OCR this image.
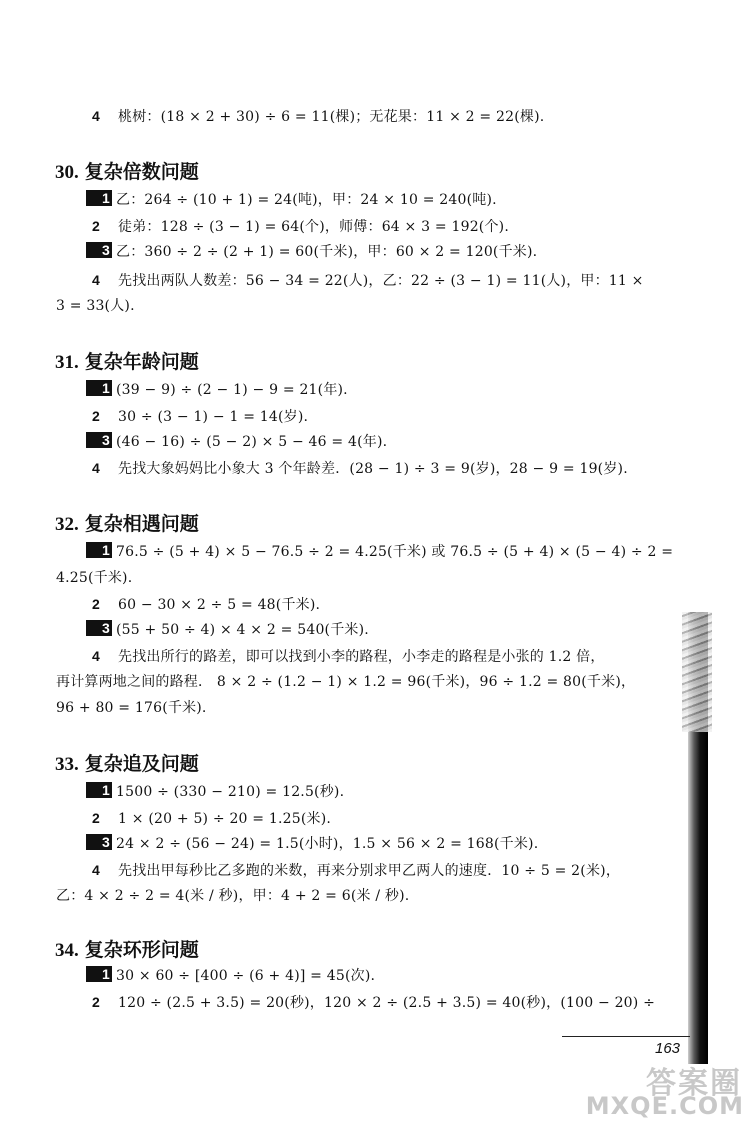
4 桃树：(18 × 2 + 30) ÷ 6 = 11(棵)；无花果：11 × 2 = 22(棵).
30. 复杂倍数问题
1 乙：264 ÷ (10 + 1) = 24(吨)，甲：24 × 10 = 240(吨).
2 徒弟：128 ÷ (3 − 1) = 64(个)，师傅：64 × 3 = 192(个).
3 乙：360 ÷ 2 ÷ (2 + 1) = 60(千米)，甲：60 × 2 = 120(千米).
4 先找出两队人数差：56 − 34 = 22(人)，乙：22 ÷ (3 − 1) = 11(人)，甲：11 ×
3 = 33(人).
31. 复杂年龄问题
1 (39 − 9) ÷ (2 − 1) − 9 = 21(年).
2 30 ÷ (3 − 1) − 1 = 14(岁).
3 (46 − 16) ÷ (5 − 2) × 5 − 46 = 4(年).
4 先找大象妈妈比小象大 3 个年龄差．(28 − 1) ÷ 3 = 9(岁)，28 − 9 = 19(岁).
32. 复杂相遇问题
1 76.5 ÷ (5 + 4) × 5 − 76.5 ÷ 2 = 4.25(千米) 或 76.5 ÷ (5 + 4) × (5 − 4) ÷ 2 =
4.25(千米).
2 60 − 30 × 2 ÷ 5 = 48(千米).
3 (55 + 50 ÷ 4) × 4 × 2 = 540(千米).
4 先找出所行的路差，即可以找到小李的路程，小李走的路程是小张的 1.2 倍，
再计算两地之间的路程． 8 × 2 ÷ (1.2 − 1) × 1.2 = 96(千米)，96 ÷ 1.2 = 80(千米)，
96 + 80 = 176(千米).
33. 复杂追及问题
1 1500 ÷ (330 − 210) = 12.5(秒).
2 1 × (20 + 5) ÷ 20 = 1.25(米).
3 24 × 2 ÷ (56 − 24) = 1.5(小时)，1.5 × 56 × 2 = 168(千米).
4 先找出甲每秒比乙多跑的米数，再来分别求甲乙两人的速度．10 ÷ 5 = 2(米)，
乙：4 × 2 ÷ 2 = 4(米 / 秒)，甲：4 + 2 = 6(米 / 秒).
34. 复杂环形问题
1 30 × 60 ÷ [400 ÷ (6 + 4)] = 45(次).
2 120 ÷ (2.5 + 3.5) = 20(秒)，120 × 2 ÷ (2.5 + 3.5) = 40(秒)，(100 − 20) ÷
163
答案圈
MXQE.COM
